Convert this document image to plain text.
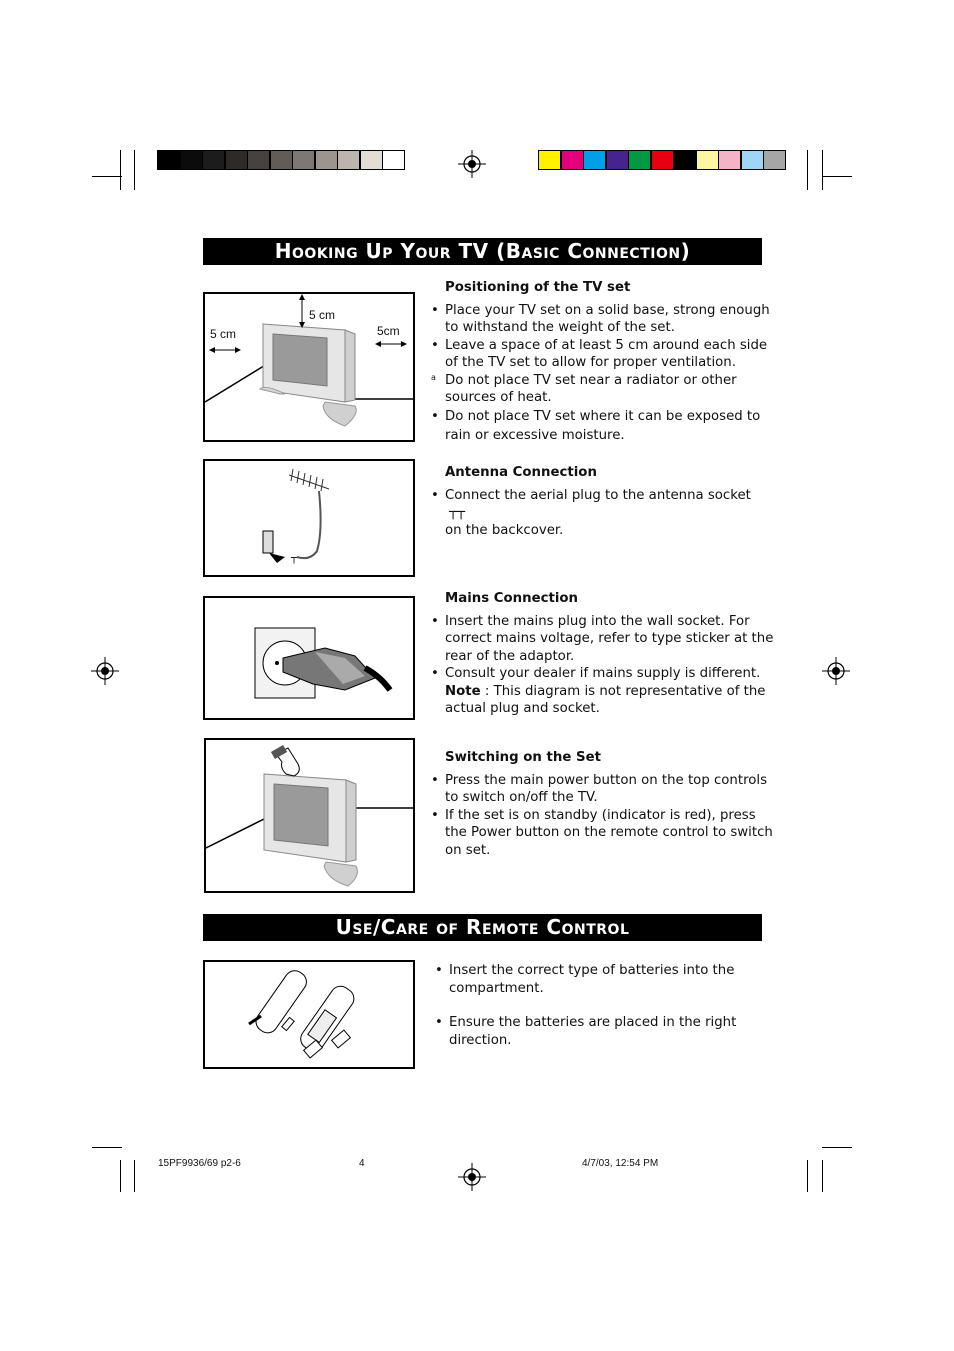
Hooking Up Your TV (Basic Connection)
5 cm
5 cm	5cm
Positioning of the TV set
• Place your TV set on a solid base, strong enough to withstand the weight of the set.
• Leave a space of at least 5 cm around each side of the TV set to allow for proper ventilation.
a Do not place TV set near a radiator or other sources of heat.
• Do not place TV set where it can be exposed to rain or excessive moisture.
┬
Antenna Connection
• Connect the aerial plug to the antenna socket ┬┬
on the backcover.
Mains Connection
• Insert the mains plug into the wall socket. For correct mains voltage, refer to type sticker at the rear of the adaptor.
• Consult your dealer if mains supply is different.
Note : This diagram is not representative of the actual plug and socket.
Switching on the Set
• Press the main power button on the top controls to switch on/off the TV.
• If the set is on standby (indicator is red), press the Power button on the remote control to switch on set.
Use/Care of Remote Control
• Insert the correct type of batteries into the compartment.
• Ensure the batteries are placed in the right direction.
15PF9936/69 p2-6	4	4/7/03, 12:54 PM
